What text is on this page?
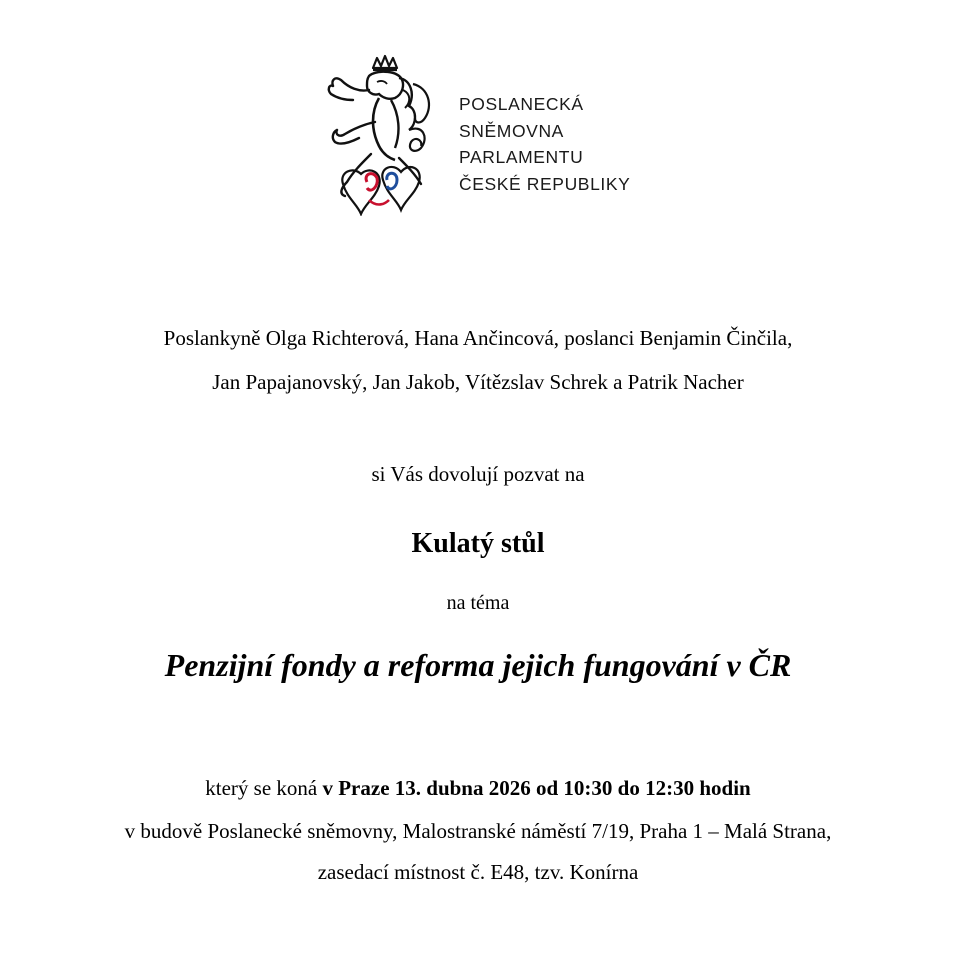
POSLANECKÁ
SNĚMOVNA
PARLAMENTU
ČESKÉ REPUBLIKY
Poslankyně Olga Richterová, Hana Ančincová, poslanci Benjamin Činčila,
Jan Papajanovský, Jan Jakob, Vítězslav Schrek a Patrik Nacher
si Vás dovolují pozvat na
Kulatý stůl
na téma
Penzijní fondy a reforma jejich fungování v ČR
který se koná v Praze 13. dubna 2026 od 10:30 do 12:30 hodin
v budově Poslanecké sněmovny, Malostranské náměstí 7/19, Praha 1 – Malá Strana,
zasedací místnost č. E48, tzv. Konírna
